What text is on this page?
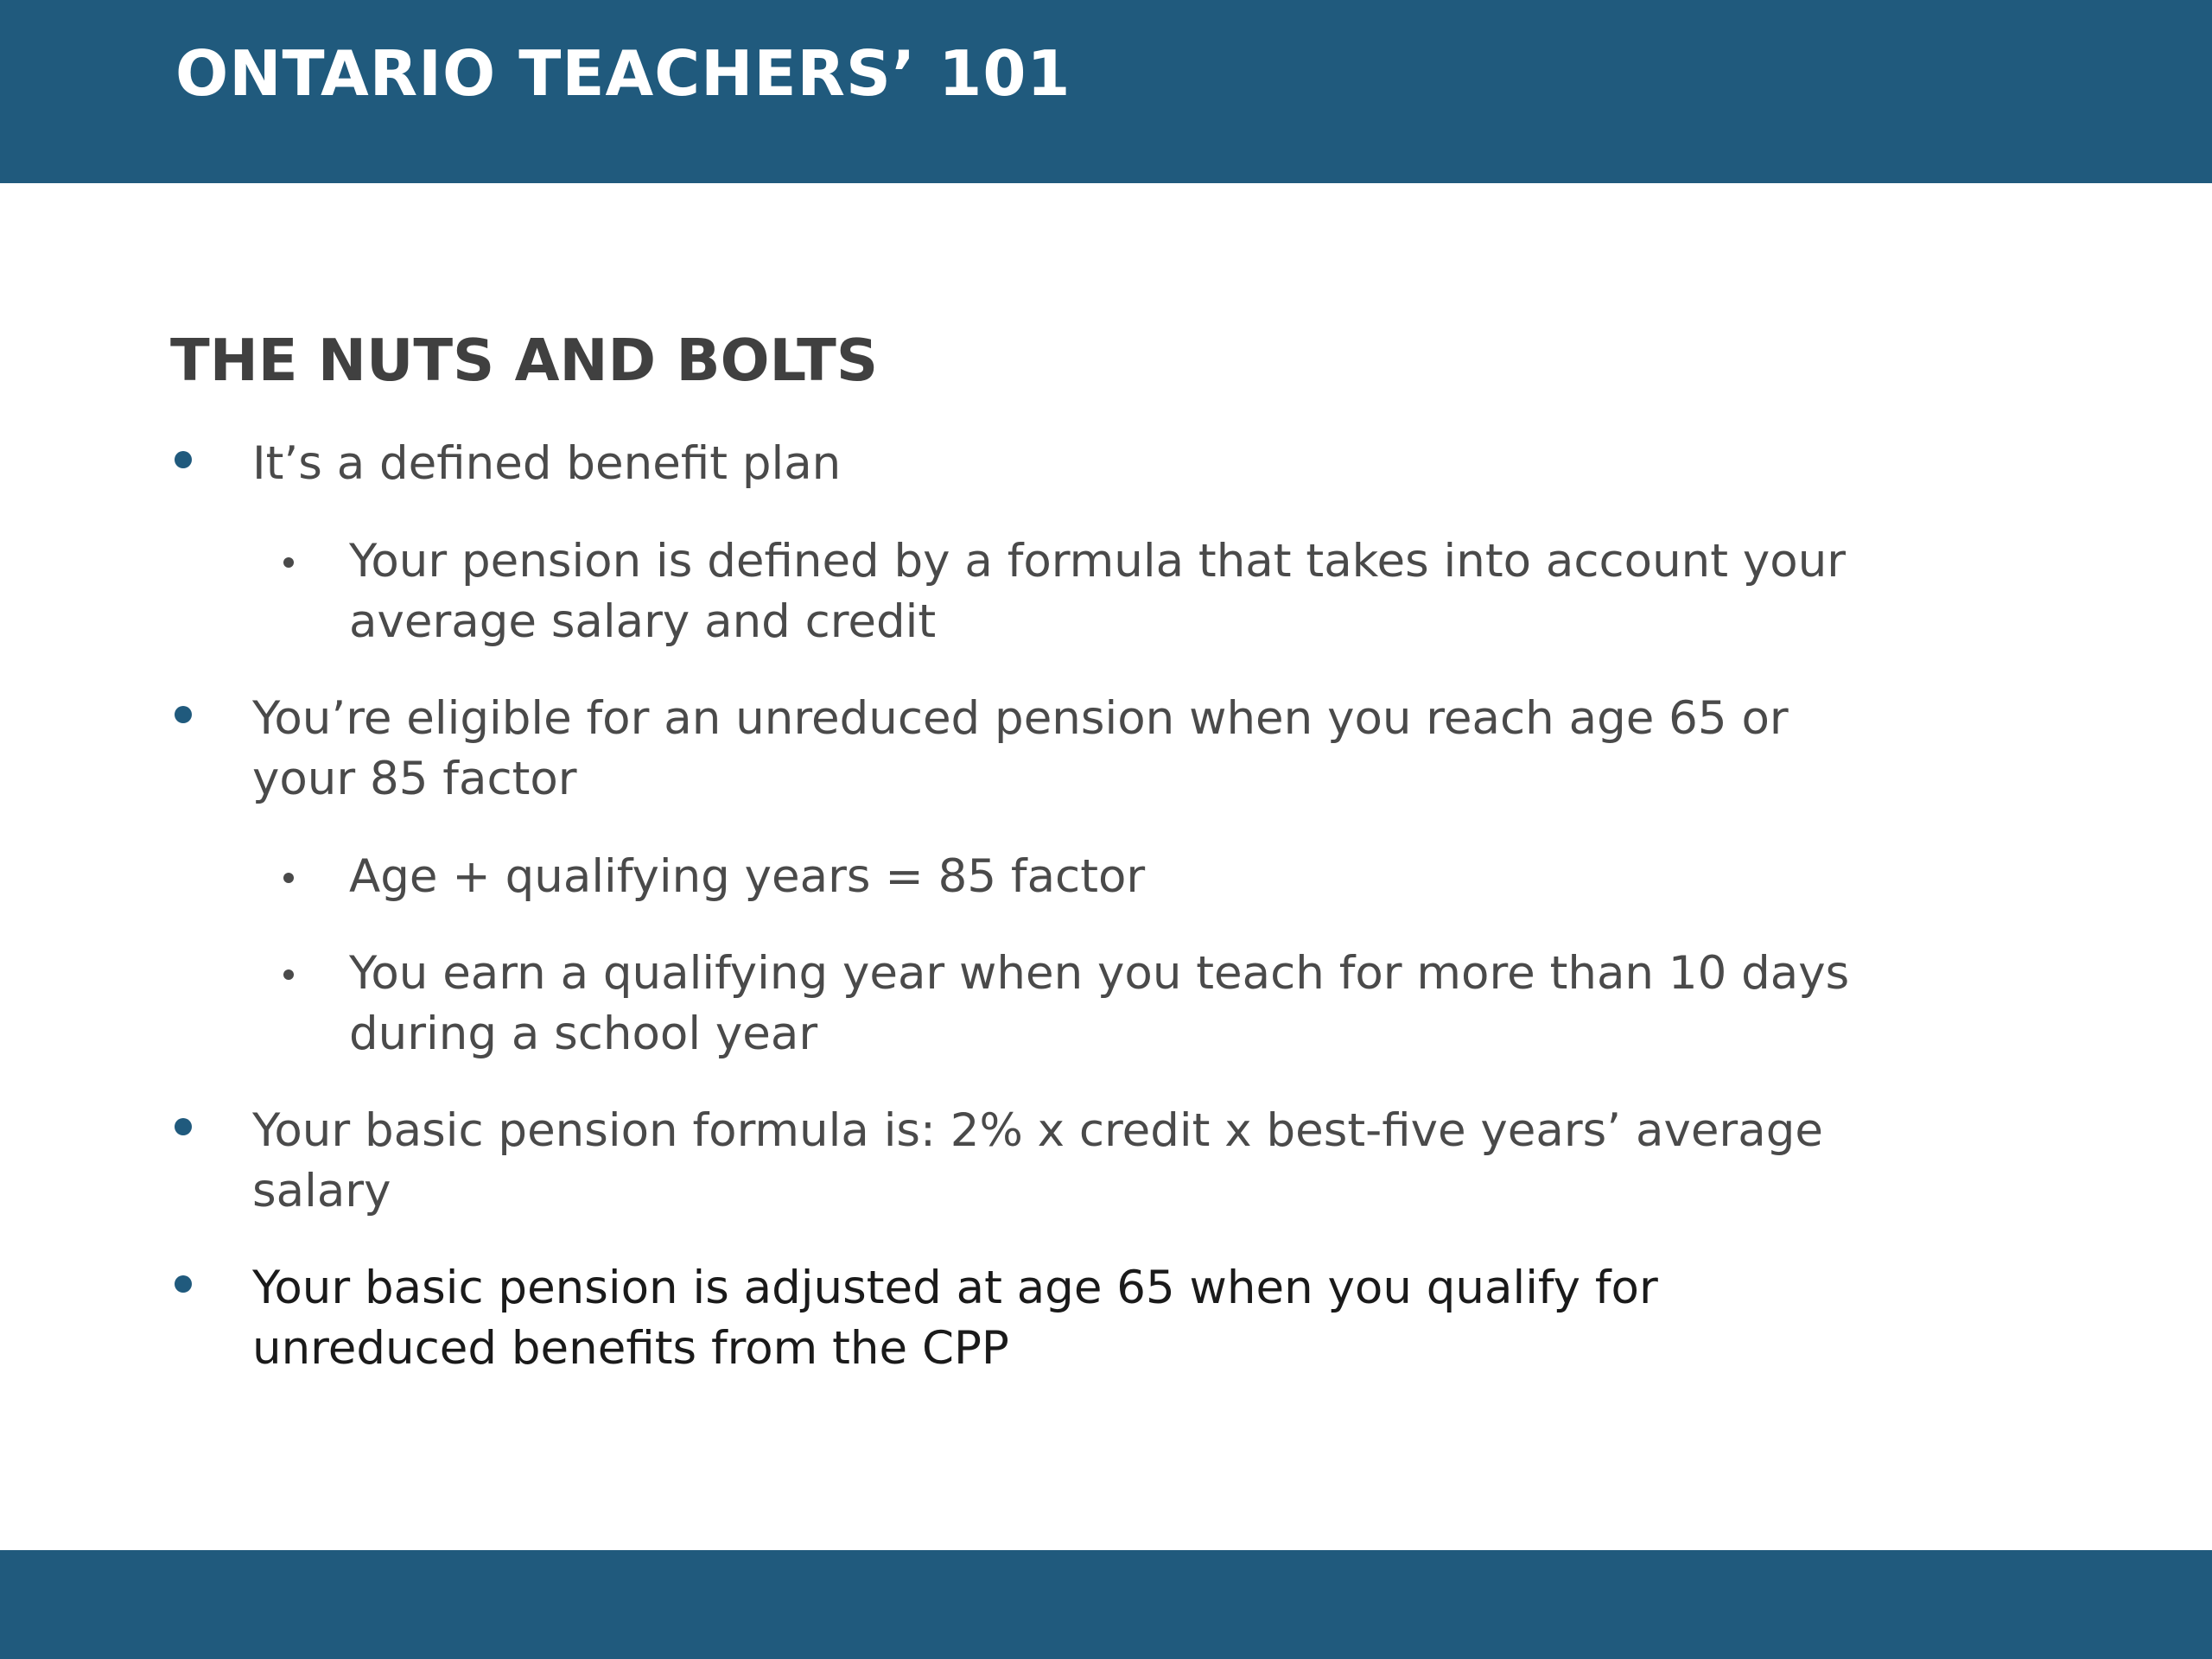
ONTARIO TEACHERS’ 101
THE NUTS AND BOLTS
It’s a defined benefit plan
Your pension is defined by a formula that takes into account your average salary and credit
You’re eligible for an unreduced pension when you reach age 65 or your 85 factor
Age + qualifying years = 85 factor
You earn a qualifying year when you teach for more than 10 days during a school year
Your basic pension formula is: 2% x credit x best-five years’ average salary
Your basic pension is adjusted at age 65 when you qualify for unreduced benefits from the CPP
